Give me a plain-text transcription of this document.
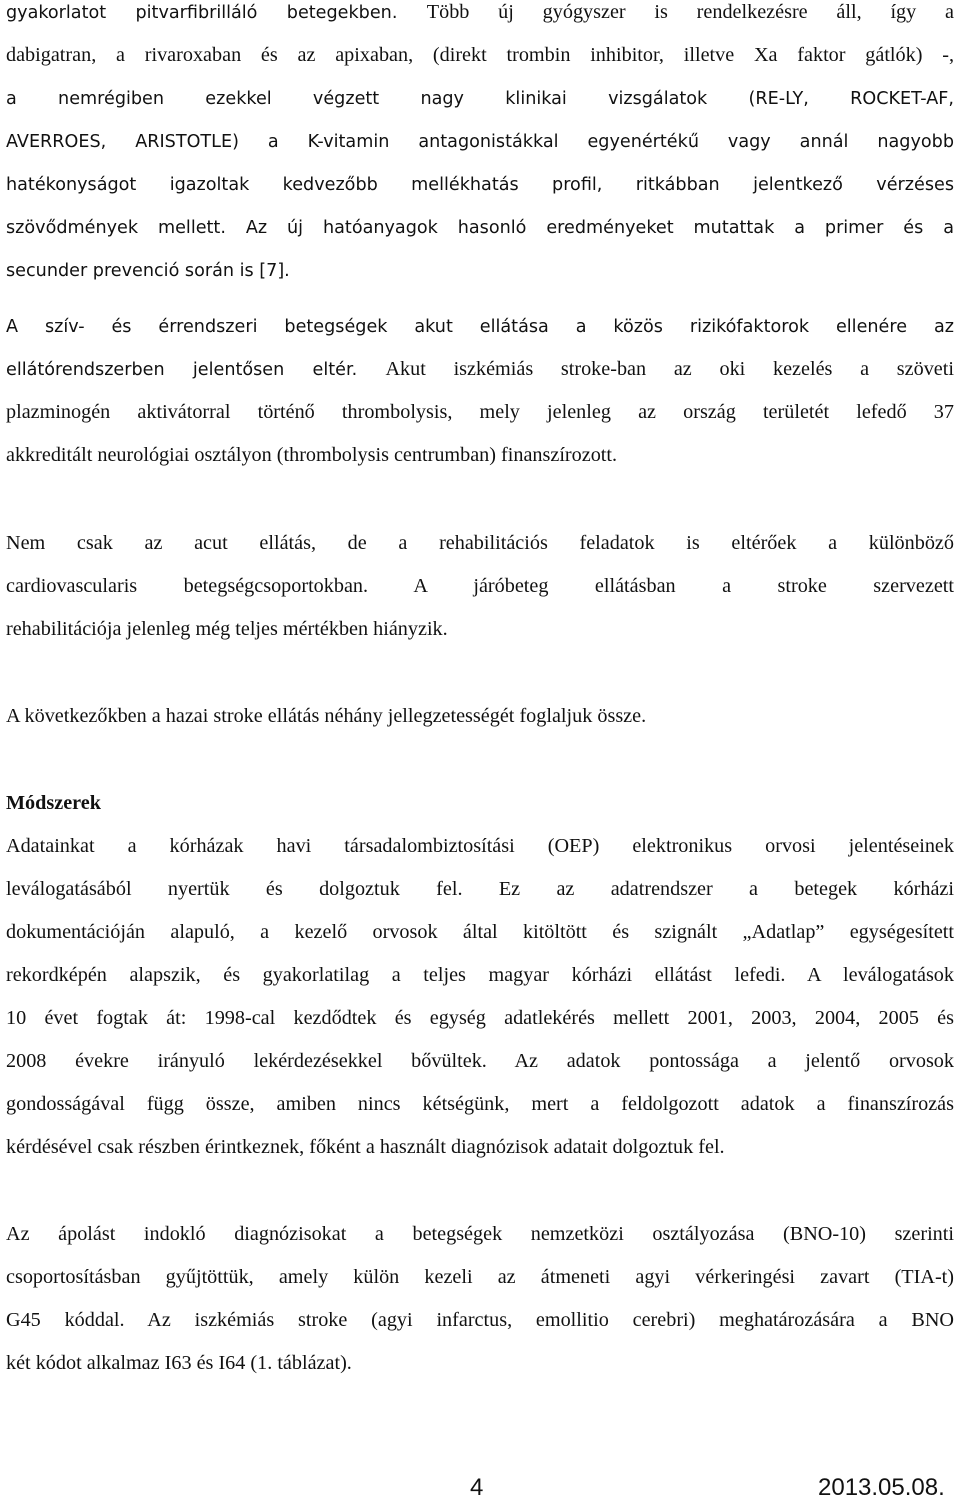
gyakorlatot pitvarfibrilláló betegekben. Több új gyógyszer is rendelkezésre áll, így a
dabigatran, a rivaroxaban és az apixaban, (direkt trombin inhibitor, illetve Xa faktor gátlók) -,
a nemrégiben ezekkel végzett nagy klinikai vizsgálatok (RE-LY, ROCKET-AF,
AVERROES, ARISTOTLE) a K-vitamin antagonistákkal egyenértékű vagy annál nagyobb
hatékonyságot igazoltak kedvezőbb mellékhatás profil, ritkábban jelentkező vérzéses
szövődmények mellett. Az új hatóanyagok hasonló eredményeket mutattak a primer és a
secunder prevenció során is [7].
A szív- és érrendszeri betegségek akut ellátása a közös rizikófaktorok ellenére az
ellátórendszerben jelentősen eltér. Akut iszkémiás stroke-ban az oki kezelés a szöveti
plazminogén aktivátorral történő thrombolysis, mely jelenleg az ország területét lefedő 37
akkreditált neurológiai osztályon (thrombolysis centrumban) finanszírozott.
Nem csak az acut ellátás, de a rehabilitációs feladatok is eltérőek a különböző
cardiovascularis betegségcsoportokban. A járóbeteg ellátásban a stroke szervezett
rehabilitációja jelenleg még teljes mértékben hiányzik.
A következőkben a hazai stroke ellátás néhány jellegzetességét foglaljuk össze.
Módszerek
Adatainkat a kórházak havi társadalombiztosítási (OEP) elektronikus orvosi jelentéseinek
leválogatásából nyertük és dolgoztuk fel. Ez az adatrendszer a betegek kórházi
dokumentációján alapuló, a kezelő orvosok által kitöltött és szignált „Adatlap” egységesített
rekordképén alapszik, és gyakorlatilag a teljes magyar kórházi ellátást lefedi. A leválogatások
10 évet fogtak át: 1998-cal kezdődtek és egység adatlekérés mellett 2001, 2003, 2004, 2005 és
2008 évekre irányuló lekérdezésekkel bővültek. Az adatok pontossága a jelentő orvosok
gondosságával függ össze, amiben nincs kétségünk, mert a feldolgozott adatok a finanszírozás
kérdésével csak részben érintkeznek, főként a használt diagnózisok adatait dolgoztuk fel.
Az ápolást indokló diagnózisokat a betegségek nemzetközi osztályozása (BNO-10) szerinti
csoportosításban gyűjtöttük, amely külön kezeli az átmeneti agyi vérkeringési zavart (TIA-t)
G45 kóddal. Az iszkémiás stroke (agyi infarctus, emollitio cerebri) meghatározására a BNO
két kódot alkalmaz I63 és I64 (1. táblázat).
4	2013.05.08.
